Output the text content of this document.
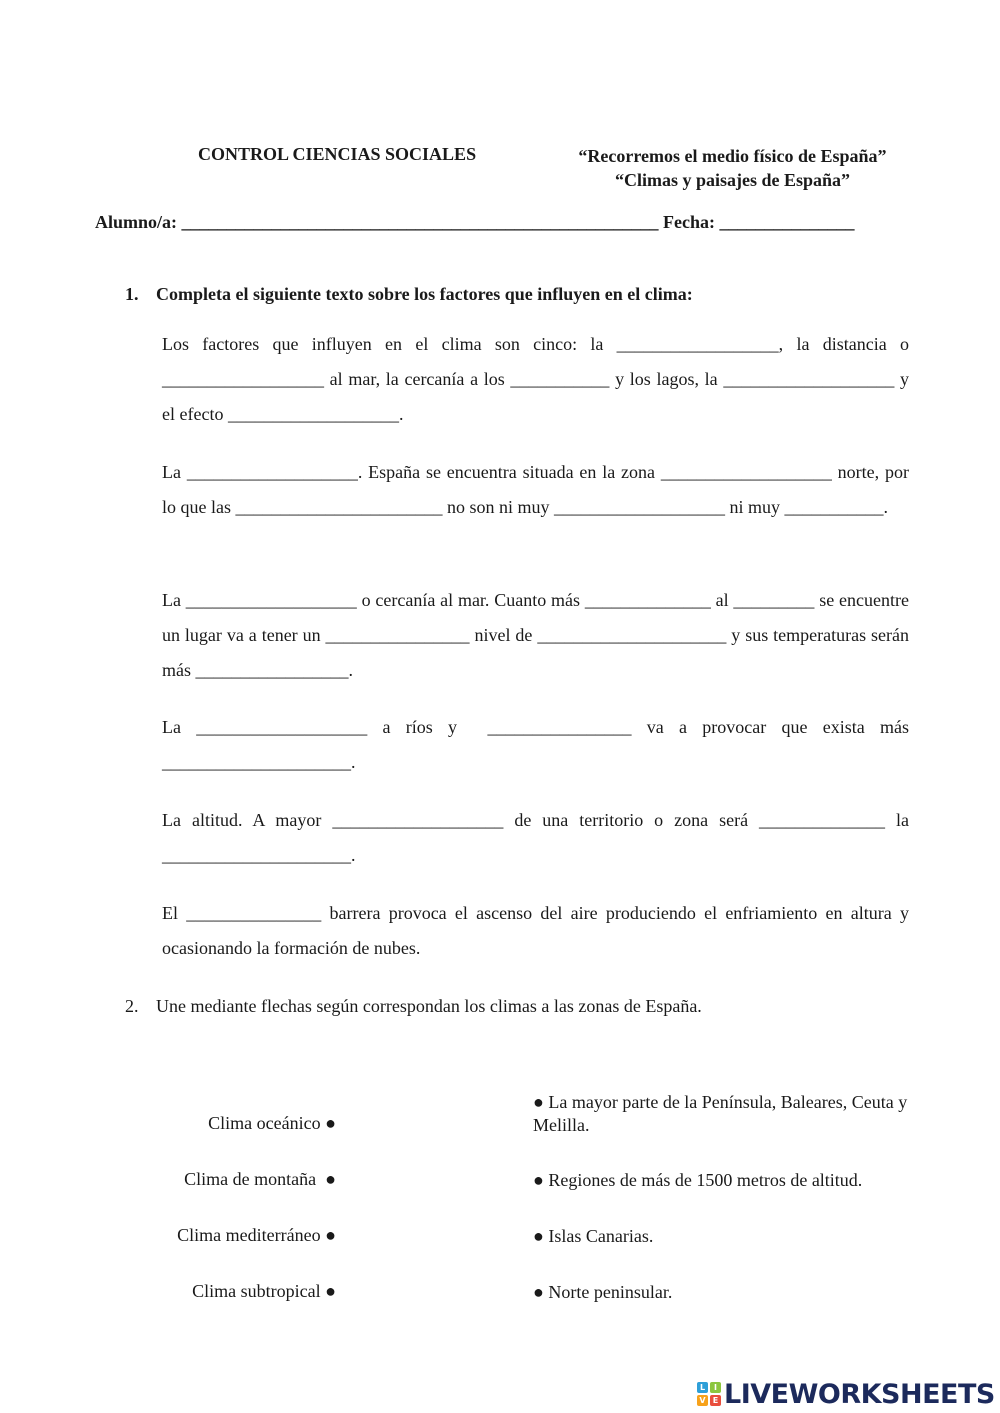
CONTROL CIENCIAS SOCIALES	“Recorremos el medio físico de España”
“Climas y paisajes de España”
Alumno/a: _____________________________________________________ Fecha: _______________
1. Completa el siguiente texto sobre los factores que influyen en el clima:
Los factores que influyen en el clima son cinco: la __________________, la distancia o __________________ al mar, la cercanía a los ___________ y los lagos, la ___________________ y el efecto ___________________.
La ___________________. España se encuentra situada en la zona ___________________ norte, por lo que las _______________________ no son ni muy ___________________ ni muy ___________.
La ___________________ o cercanía al mar. Cuanto más ______________ al _________ se encuentre un lugar va a tener un ________________ nivel de _____________________ y sus temperaturas serán más _________________.
La ___________________ a ríos y  ________________ va a provocar que exista más _____________________.
La altitud. A mayor ___________________ de una territorio o zona será ______________ la _____________________.
El _______________ barrera provoca el ascenso del aire produciendo el enfriamiento en altura y ocasionando la formación de nubes.
2. Une mediante flechas según correspondan los climas a las zonas de España.
Clima oceánico ●
Clima de montaña  ●
Clima mediterráneo ●
Clima subtropical ●
● La mayor parte de la Península, Baleares, Ceuta y Melilla.
● Regiones de más de 1500 metros de altitud.
● Islas Canarias.
● Norte peninsular.
L	I
V E LIVEWORKSHEETS
